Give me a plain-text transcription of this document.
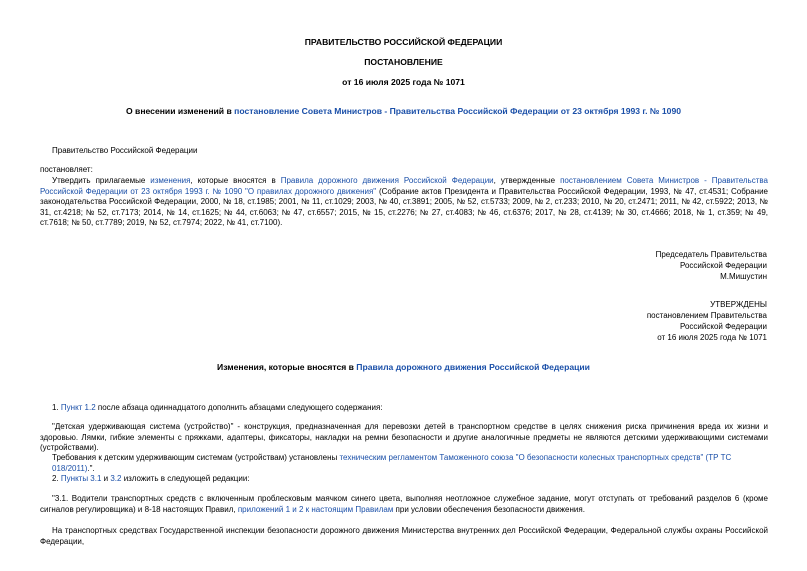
ПРАВИТЕЛЬСТВО РОССИЙСКОЙ ФЕДЕРАЦИИ
ПОСТАНОВЛЕНИЕ
от 16 июля 2025 года № 1071
О внесении изменений в постановление Совета Министров - Правительства Российской Федерации от 23 октября 1993 г. № 1090
Правительство Российской Федерации
постановляет:
Утвердить прилагаемые изменения, которые вносятся в Правила дорожного движения Российской Федерации, утвержденные постановлением Совета Министров - Правительства Российской Федерации от 23 октября 1993 г. № 1090 "О правилах дорожного движения" (Собрание актов Президента и Правительства Российской Федерации, 1993, № 47, ст.4531; Собрание законодательства Российской Федерации, 2000, № 18, ст.1985; 2001, № 11, ст.1029; 2003, № 40, ст.3891; 2005, № 52, ст.5733; 2009, № 2, ст.233; 2010, № 20, ст.2471; 2011, № 42, ст.5922; 2013, № 31, ст.4218; № 52, ст.7173; 2014, № 14, ст.1625; № 44, ст.6063; № 47, ст.6557; 2015, № 15, ст.2276; № 27, ст.4083; № 46, ст.6376; 2017, № 28, ст.4139; № 30, ст.4666; 2018, № 1, ст.359; № 49, ст.7618; № 50, ст.7789; 2019, № 52, ст.7974; 2022, № 41, ст.7100).
Председатель Правительства
Российской Федерации
М.Мишустин
УТВЕРЖДЕНЫ
постановлением Правительства
Российской Федерации
от 16 июля 2025 года № 1071
Изменения, которые вносятся в Правила дорожного движения Российской Федерации
1. Пункт 1.2 после абзаца одиннадцатого дополнить абзацами следующего содержания:
"Детская удерживающая система (устройство)" - конструкция, предназначенная для перевозки детей в транспортном средстве в целях снижения риска причинения вреда их жизни и здоровью. Лямки, гибкие элементы с пряжками, адаптеры, фиксаторы, накладки на ремни безопасности и другие аналогичные предметы не являются детскими удерживающими системами (устройствами).
Требования к детским удерживающим системам (устройствам) установлены техническим регламентом Таможенного союза "О безопасности колесных транспортных средств" (ТР ТС 018/2011).".
2. Пункты 3.1 и 3.2 изложить в следующей редакции:
"3.1. Водители транспортных средств с включенным проблесковым маячком синего цвета, выполняя неотложное служебное задание, могут отступать от требований разделов 6 (кроме сигналов регулировщика) и 8-18 настоящих Правил, приложений 1 и 2 к настоящим Правилам при условии обеспечения безопасности движения.
На транспортных средствах Государственной инспекции безопасности дорожного движения Министерства внутренних дел Российской Федерации, Федеральной службы охраны Российской Федерации,
